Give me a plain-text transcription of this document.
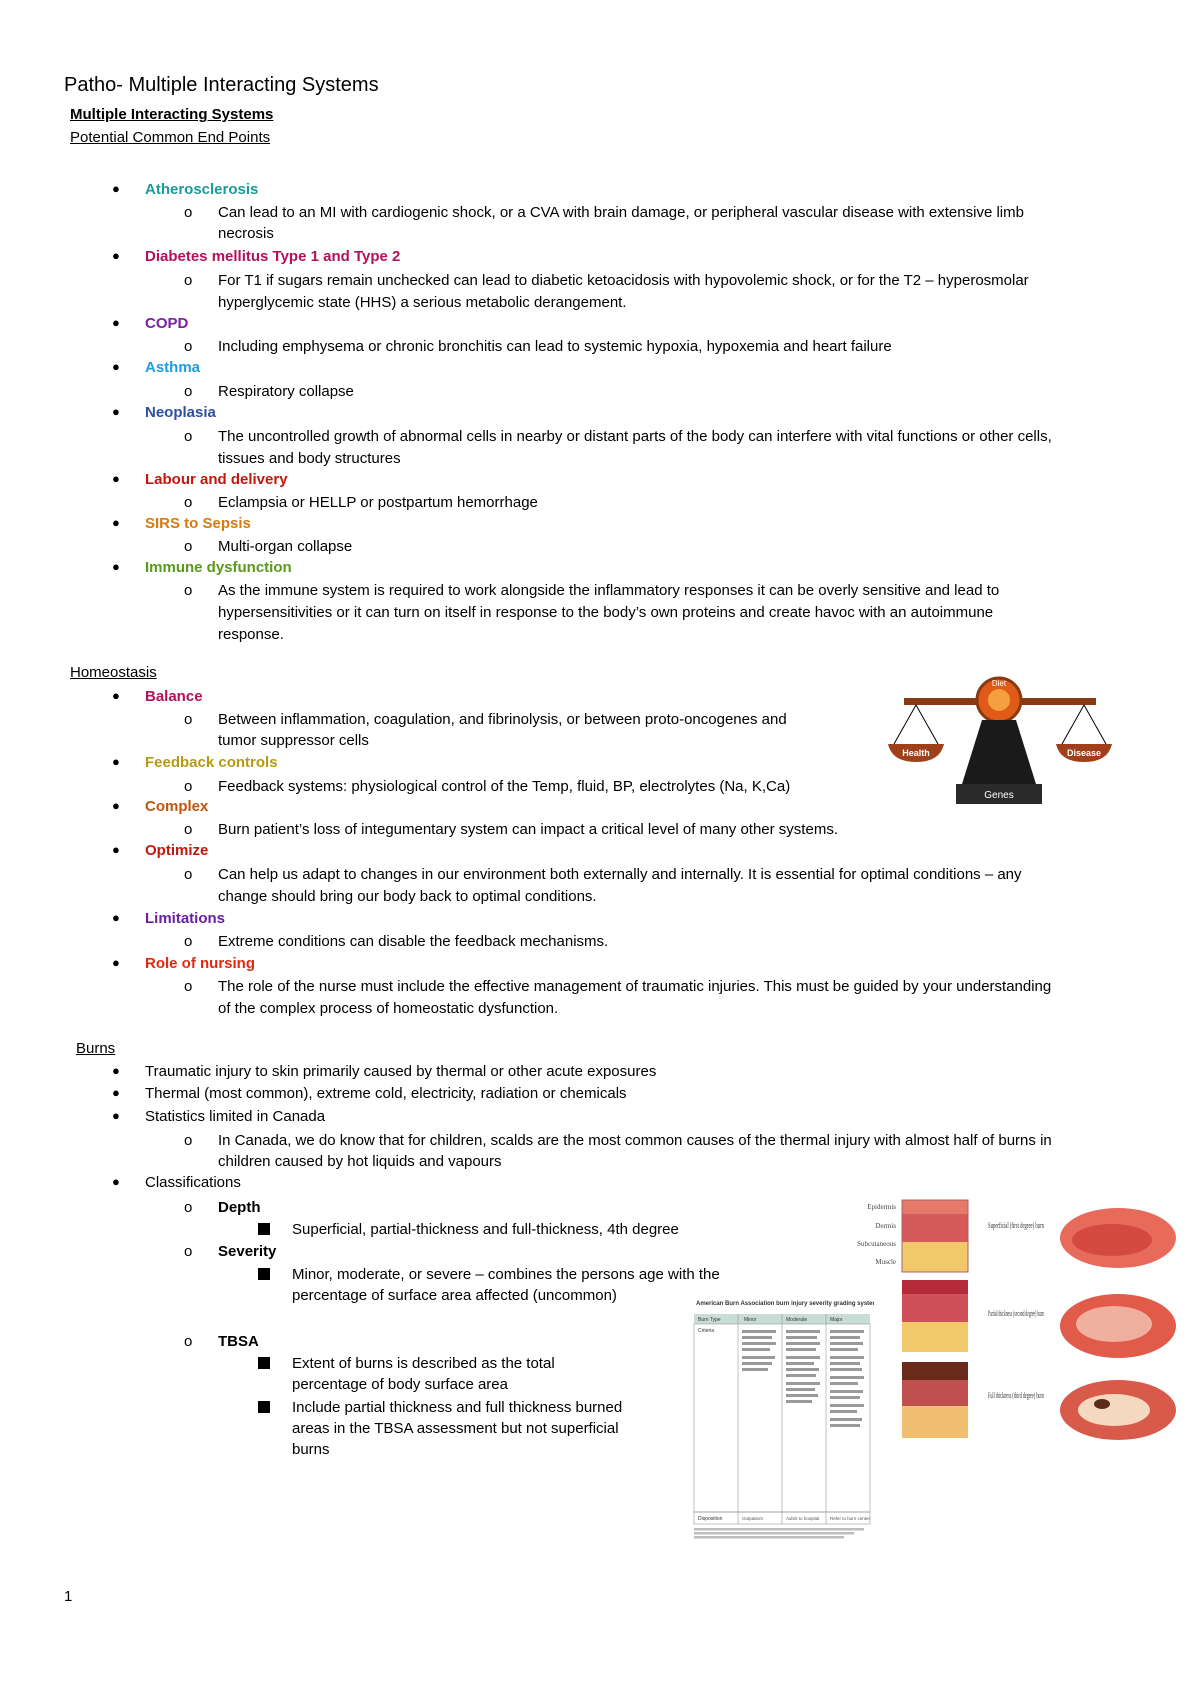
Patho- Multiple Interacting Systems
Multiple Interacting Systems
Potential Common End Points
● Atherosclerosis
o Can lead to an MI with cardiogenic shock, or a CVA with brain damage, or peripheral vascular disease with extensive limb
necrosis
● Diabetes mellitus Type 1 and Type 2
o For T1 if sugars remain unchecked can lead to diabetic ketoacidosis with hypovolemic shock, or for the T2 – hyperosmolar
hyperglycemic state (HHS) a serious metabolic derangement.
● COPD
o Including emphysema or chronic bronchitis can lead to systemic hypoxia, hypoxemia and heart failure
● Asthma
o Respiratory collapse
● Neoplasia
o The uncontrolled growth of abnormal cells in nearby or distant parts of the body can interfere with vital functions or other cells,
tissues and body structures
● Labour and delivery
o Eclampsia or HELLP or postpartum hemorrhage
● SIRS to Sepsis
o Multi-organ collapse
● Immune dysfunction
o As the immune system is required to work alongside the inflammatory responses it can be overly sensitive and lead to
hypersensitivities or it can turn on itself in response to the body’s own proteins and create havoc with an autoimmune
response.
Homeostasis
● Balance
o Between inflammation, coagulation, and fibrinolysis, or between proto-oncogenes and
tumor suppressor cells
● Feedback controls
o Feedback systems: physiological control of the Temp, fluid, BP, electrolytes (Na, K,Ca)
● Complex
o Burn patient’s loss of integumentary system can impact a critical level of many other systems.
● Optimize
o Can help us adapt to changes in our environment both externally and internally. It is essential for optimal conditions – any
change should bring our body back to optimal conditions.
● Limitations
o Extreme conditions can disable the feedback mechanisms.
● Role of nursing
o The role of the nurse must include the effective management of traumatic injuries. This must be guided by your understanding
of the complex process of homeostatic dysfunction.
Diet
Health	Disease
Genes
Burns
● Traumatic injury to skin primarily caused by thermal or other acute exposures
● Thermal (most common), extreme cold, electricity, radiation or chemicals
● Statistics limited in Canada
o In Canada, we do know that for children, scalds are the most common causes of the thermal injury with almost half of burns in
children caused by hot liquids and vapours
● Classifications
o Depth
Superficial, partial-thickness and full-thickness, 4th degree
o Severity
Minor, moderate, or severe – combines the persons age with the
percentage of surface area affected (uncommon)
o TBSA
Extent of burns is described as the total
percentage of body surface area
Include partial thickness and full thickness burned
areas in the TBSA assessment but not superficial
burns
American Burn Association burn injury severity grading system
Burn Type	Minor	Moderate	Major
Criteria
Disposition	Outpatient	Admit to hospital Refer to burn center
Epidermis
Dermis
Subcutaneous
Muscle
Superficial (first degree) burn
Partial thickness (second degree) burn
Full thickness (third degree) burn
1
